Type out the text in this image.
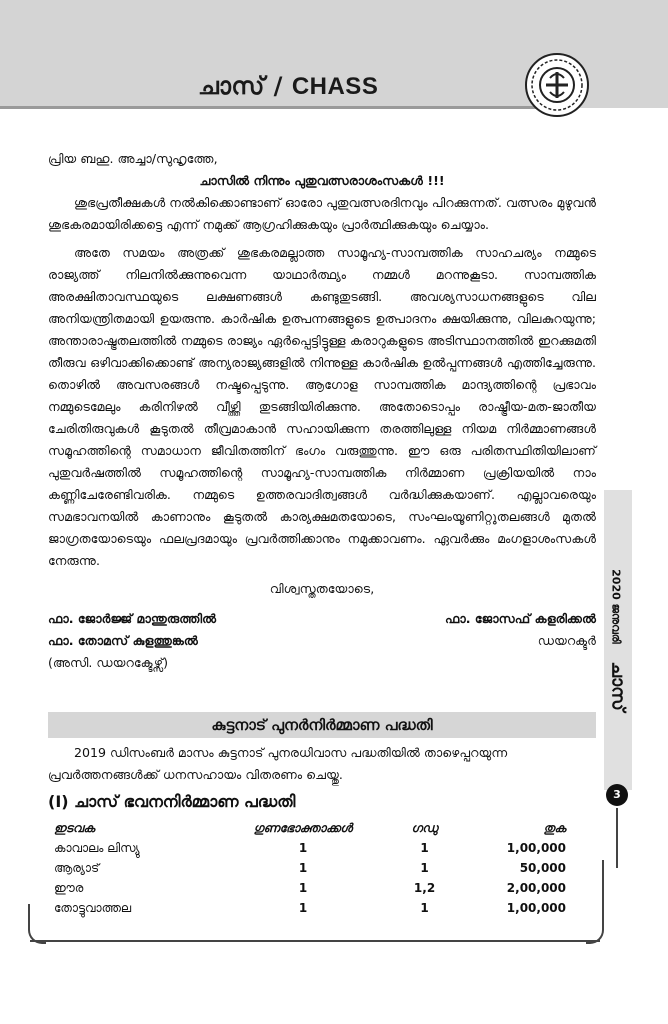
ചാസ് / CHASS

പ്രിയ ബഹു. അച്ചാ/സുഹൃത്തേ,

ചാസിൽ നിന്നും പുതുവത്സരാശംസകൾ !!!

ശുഭപ്രതീക്ഷകൾ നൽകിക്കൊണ്ടാണ് ഓരോ പുതുവത്സരദിനവും പിറക്കുന്നത്. വത്സരം മുഴുവൻ ശുഭകരമായിരിക്കട്ടെ എന്ന് നമുക്ക് ആഗ്രഹിക്കുകയും പ്രാർത്ഥിക്കുകയും ചെയ്യാം.

അതേ സമയം അത്രക്ക് ശുഭകരമല്ലാത്ത സാമൂഹ്യ-സാമ്പത്തിക സാഹചര്യം നമ്മുടെ രാജ്യത്ത് നിലനിൽക്കുന്നുവെന്ന യാഥാർത്ഥ്യം നമ്മൾ മറന്നുകൂടാ. സാമ്പത്തിക അരക്ഷിതാവസ്ഥയുടെ ലക്ഷണങ്ങൾ കണ്ടുതുടങ്ങി. അവശ്യസാധനങ്ങളുടെ വില അനിയന്ത്രിതമായി ഉയരുന്നു. കാർഷിക ഉത്പന്നങ്ങളുടെ ഉത്പാദനം ക്ഷയിക്കുന്നു, വിലകുറയുന്നു; അന്താരാഷ്ട്രതലത്തിൽ നമ്മുടെ രാജ്യം ഏർപ്പെട്ടിട്ടുള്ള കരാറുകളുടെ അടിസ്ഥാനത്തിൽ ഇറക്കുമതി തീരുവ ഒഴിവാക്കിക്കൊണ്ട് അന്യരാജ്യങ്ങളിൽ നിന്നുള്ള കാർഷിക ഉൽപ്പന്നങ്ങൾ എത്തിച്ചേരുന്നു. തൊഴിൽ അവസരങ്ങൾ നഷ്ടപ്പെടുന്നു. ആഗോള സാമ്പത്തിക മാന്ദ്യത്തിന്റെ പ്രഭാവം നമ്മുടെമേലും കരിനിഴൽ വീഴ്ത്തി തുടങ്ങിയിരിക്കുന്നു. അതോടൊപ്പം രാഷ്ട്രീയ-മത-ജാതീയ ചേരിതിരുവുകൾ കൂടുതൽ തീവ്രമാകാൻ സഹായിക്കുന്ന തരത്തിലുള്ള നിയമ നിർമ്മാണങ്ങൾ സമൂഹത്തിന്റെ സമാധാന ജീവിതത്തിന് ഭംഗം വരുത്തുന്നു. ഈ ഒരു പരിതസ്ഥിതിയിലാണ് പുതുവർഷത്തിൽ സമൂഹത്തിന്റെ സാമൂഹ്യ-സാമ്പത്തിക നിർമ്മാണ പ്രക്രിയയിൽ നാം കണ്ണിചേരേണ്ടിവരിക. നമ്മുടെ ഉത്തരവാദിത്വങ്ങൾ വർദ്ധിക്കുകയാണ്. എല്ലാവരെയും സമഭാവനയിൽ കാണാനും കൂടുതൽ കാര്യക്ഷമതയോടെ, സംഘംയൂണിറ്റുതലങ്ങൾ മുതൽ ജാഗ്രതയോടെയും ഫലപ്രദമായും പ്രവർത്തിക്കാനും നമുക്കാവണം. ഏവർക്കും മംഗളാശംസകൾ നേരുന്നു.

വിശ്വസ്തതയോടെ,

ഫാ. ജോർജ്ജ് മാന്തുരുത്തിൽ	ഫാ. ജോസഫ് കളരിക്കൽ
ഫാ. തോമസ് കുളത്തുങ്കൽ	ഡയറക്ടർ

(അസി. ഡയറക്ടേഴ്സ്)

കുട്ടനാട് പുനർനിർമ്മാണ പദ്ധതി

2019 ഡിസംബർ മാസം കുട്ടനാട് പുനരധിവാസ പദ്ധതിയിൽ താഴെപ്പറയുന്ന പ്രവർത്തനങ്ങൾക്ക് ധനസഹായം വിതരണം ചെയ്തു.

(I) ചാസ് ഭവനനിർമ്മാണ പദ്ധതി
ഇടവക	ഗുണഭോക്താക്കൾ	ഗഡു	തുക
കാവാലം ലിസ്യു	1	1	1,00,000
ആര്യാട്	1	1	50,000
ഈര	1	1,2	2,00,000
തോട്ടുവാത്തല	1	1	1,00,000
2020 ജനുവരി ചാസ്
3
